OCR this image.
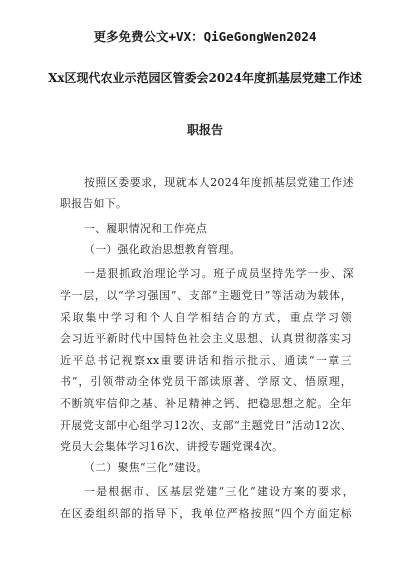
更多免费公文+VX：QiGeGongWen2024
Xx区现代农业示范园区管委会2024年度抓基层党建工作述
职报告
按照区委要求，现就本人2024年度抓基层党建工作述
职报告如下。
一、履职情况和工作亮点
（一）强化政治思想教育管理。
一是狠抓政治理论学习。班子成员坚持先学一步、深
学一层，以“学习强国”、支部“主题党日”等活动为载体，
采取集中学习和个人自学相结合的方式，重点学习领
会习近平新时代中国特色社会主义思想、认真贯彻落实习
近平总书记视察xx重要讲话和指示批示、通读“一章三
书”，引领带动全体党员干部读原著、学原文、悟原理，
不断筑牢信仰之基、补足精神之钙、把稳思想之舵。全年
开展党支部中心组学习12次、支部“主题党日”活动12次、
党员大会集体学习16次、讲授专题党课4次。
（二）聚焦“三化”建设。
一是根据市、区基层党建“三化”建设方案的要求，
在区委组织部的指导下，我单位严格按照“四个方面定标
